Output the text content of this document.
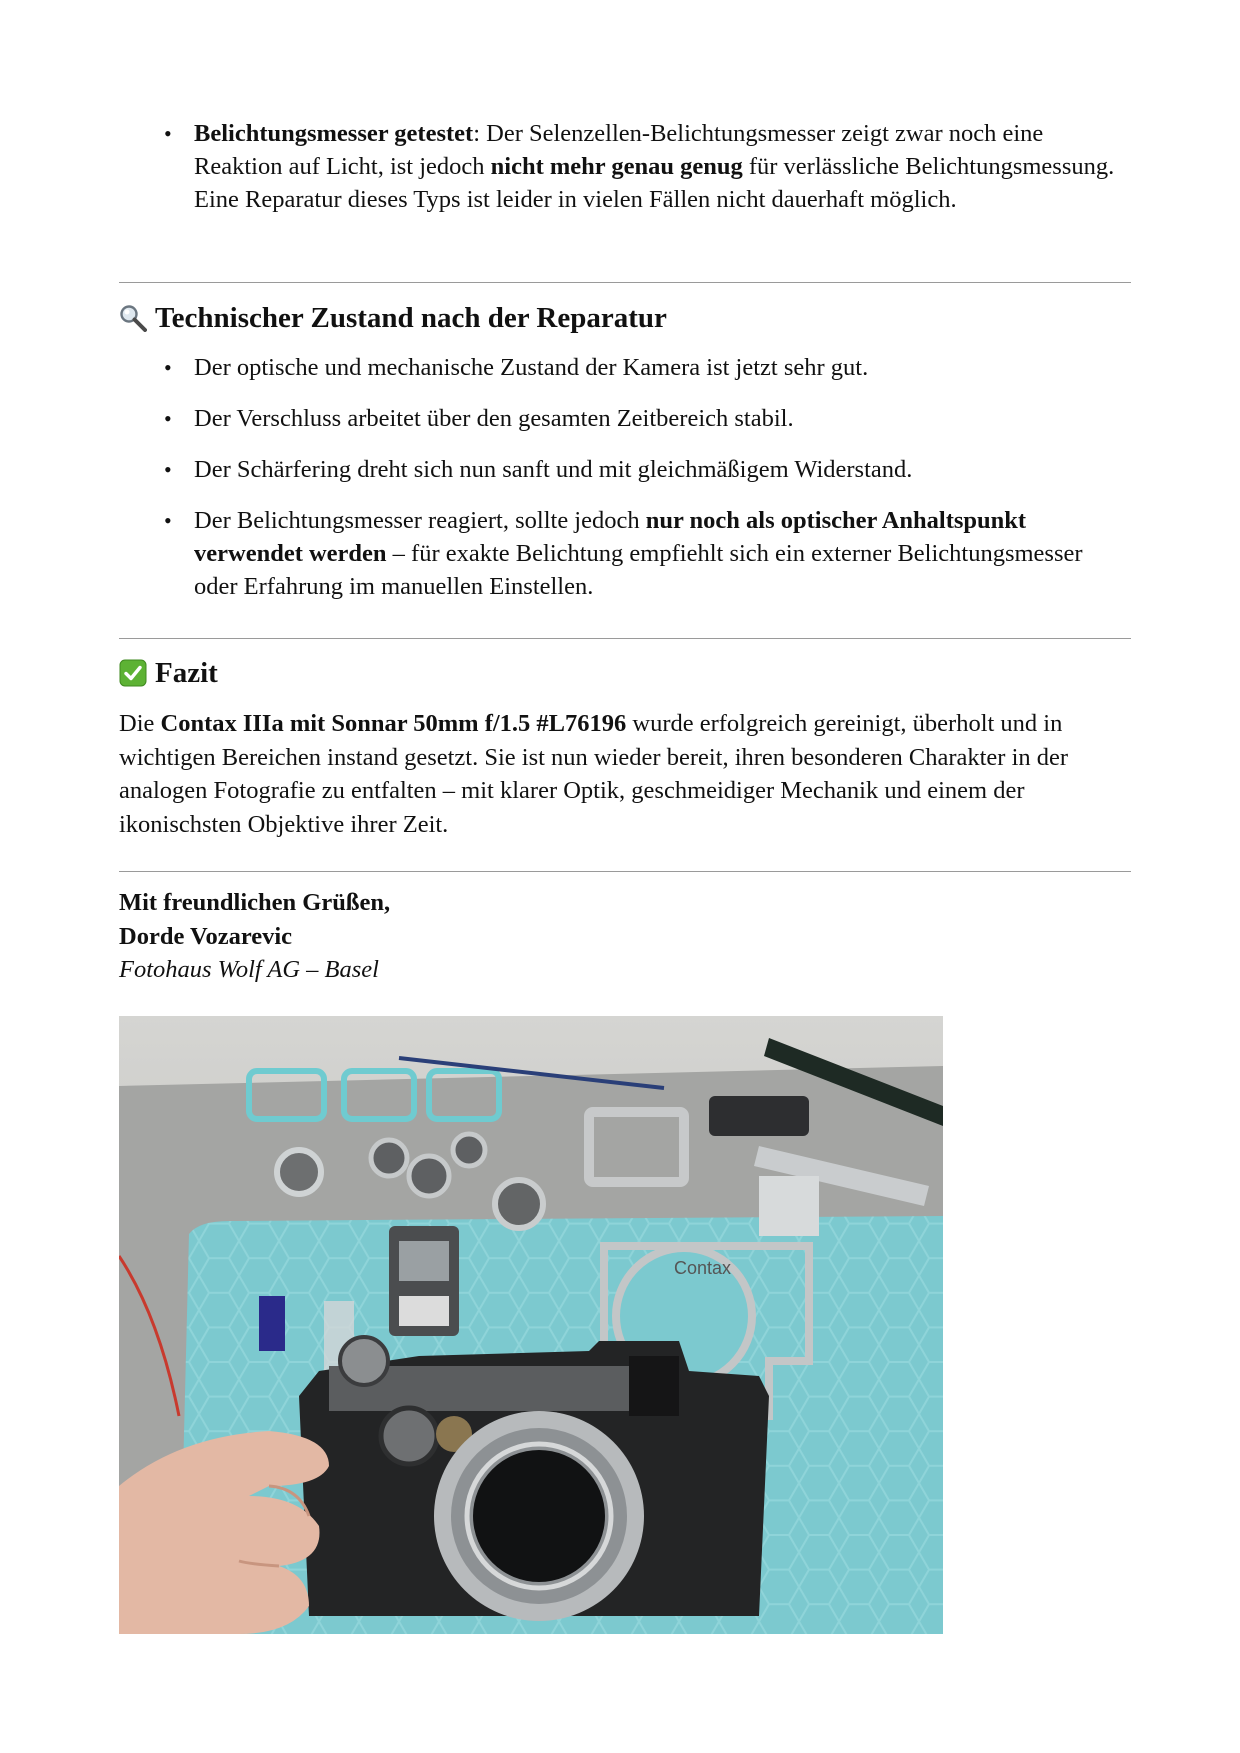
• Belichtungsmesser getestet: Der Selenzellen-Belichtungsmesser zeigt zwar noch eine Reaktion auf Licht, ist jedoch nicht mehr genau genug für verlässliche Belichtungsmessung. Eine Reparatur dieses Typs ist leider in vielen Fällen nicht dauerhaft möglich.
Technischer Zustand nach der Reparatur
• Der optische und mechanische Zustand der Kamera ist jetzt sehr gut.
• Der Verschluss arbeitet über den gesamten Zeitbereich stabil.
• Der Schärfering dreht sich nun sanft und mit gleichmäßigem Widerstand.
• Der Belichtungsmesser reagiert, sollte jedoch nur noch als optischer Anhaltspunkt verwendet werden – für exakte Belichtung empfiehlt sich ein externer Belichtungsmesser oder Erfahrung im manuellen Einstellen.
Fazit

Die Contax IIIa mit Sonnar 50mm f/1.5 #L76196 wurde erfolgreich gereinigt, überholt und in wichtigen Bereichen instand gesetzt. Sie ist nun wieder bereit, ihren besonderen Charakter in der analogen Fotografie zu entfalten – mit klarer Optik, geschmeidiger Mechanik und einem der ikonischsten Objektive ihrer Zeit.

Mit freundlichen Grüßen,
Dorde Vozarevic
Fotohaus Wolf AG – Basel
Contax
